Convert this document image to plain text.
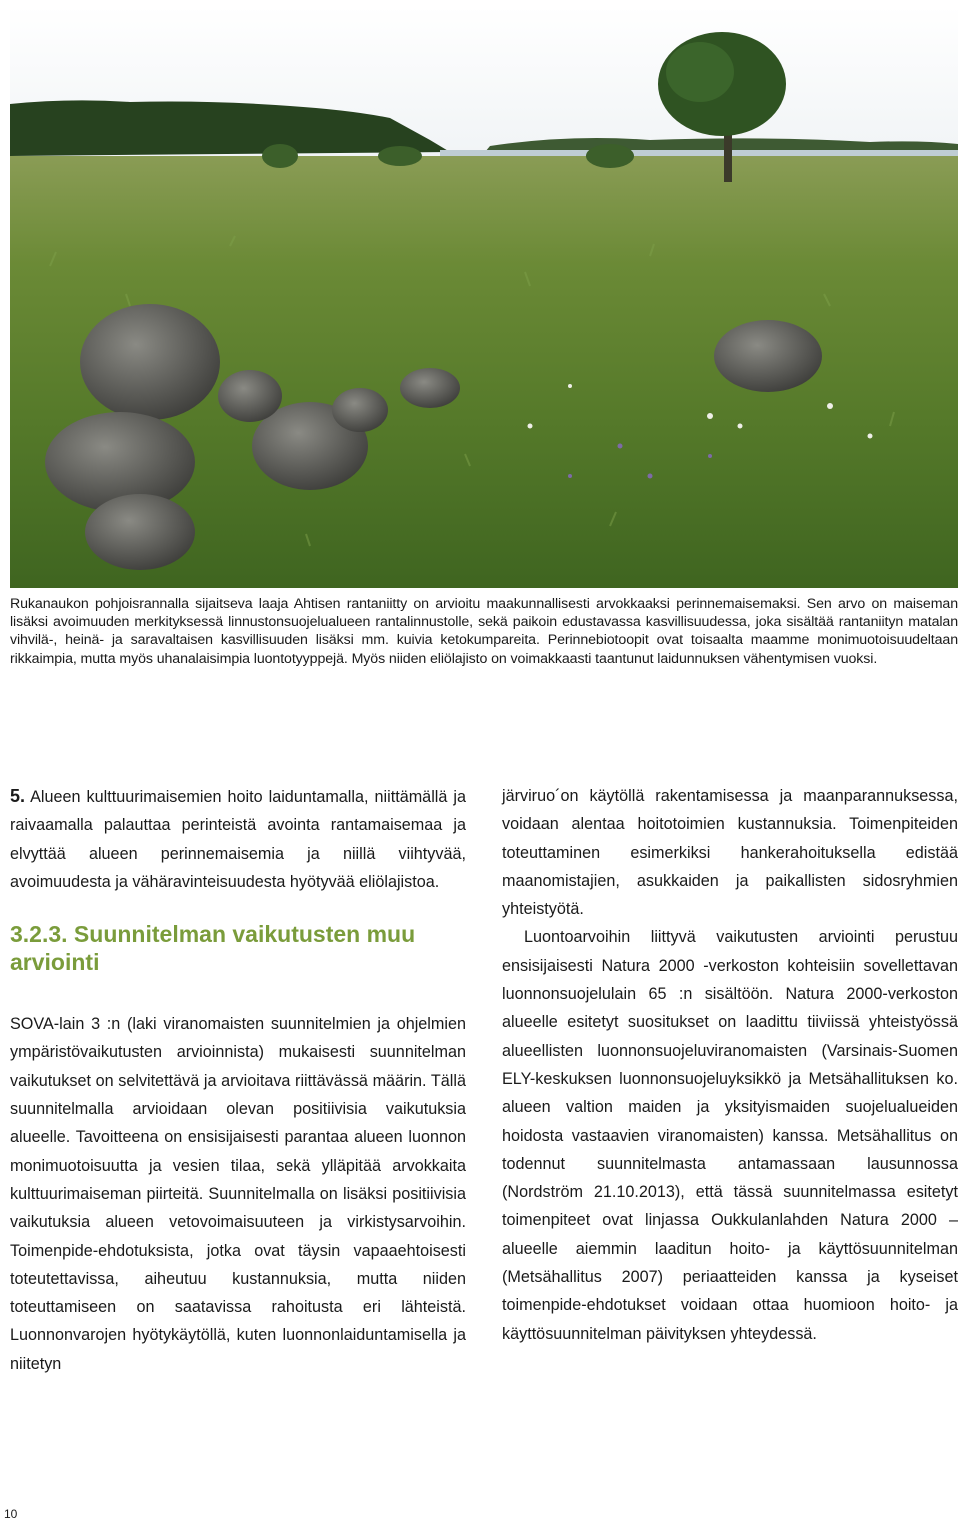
Rukanaukon pohjoisrannalla sijaitseva laaja Ahtisen rantaniitty on arvioitu maakunnallisesti arvokkaaksi perinnemaisemaksi. Sen arvo on maiseman lisäksi avoimuuden merkityksessä linnustonsuojelualueen rantalinnustolle, sekä paikoin edustavassa kasvillisuudessa, joka sisältää rantaniityn matalan vihvilä-, heinä- ja saravaltaisen kasvillisuuden lisäksi mm. kuivia ketokumpareita. Perinnebiotoopit ovat toisaalta maamme monimuotoisuudeltaan rikkaimpia, mutta myös uhanalaisimpia luontotyyppejä. Myös niiden eliölajisto on voimakkaasti taantunut laidunnuksen vähentymisen vuoksi.

5. Alueen kulttuurimaisemien hoito laiduntamalla, niittämällä ja raivaamalla palauttaa perinteistä avointa rantamaisemaa ja elvyttää alueen perinnemaisemia ja niillä viihtyvää, avoimuudesta ja vähäravinteisuudesta hyötyvää eliölajistoa.

3.2.3. Suunnitelman vaikutusten muu arviointi

SOVA-lain 3 :n (laki viranomaisten suunnitelmien ja ohjelmien ympäristövaikutusten arvioinnista) mukaisesti suunnitelman vaikutukset on selvitettävä ja arvioitava riittävässä määrin. Tällä suunnitelmalla arvioidaan olevan positiivisia vaikutuksia alueelle. Tavoitteena on ensisijaisesti parantaa alueen luonnon monimuotoisuutta ja vesien tilaa, sekä ylläpitää arvokkaita kulttuurimaiseman piirteitä. Suunnitelmalla on lisäksi positiivisia vaikutuksia alueen vetovoimaisuuteen ja virkistysarvoihin. Toimenpide-ehdotuksista, jotka ovat täysin vapaaehtoisesti toteutettavissa, aiheutuu kustannuksia, mutta niiden toteuttamiseen on saatavissa rahoitusta eri lähteistä. Luonnonvarojen hyötykäytöllä, kuten luonnonlaiduntamisella ja niitetyn

järviruo´on käytöllä rakentamisessa ja maanparannuksessa, voidaan alentaa hoitotoimien kustannuksia. Toimenpiteiden toteuttaminen esimerkiksi hankerahoituksella edistää maanomistajien, asukkaiden ja paikallisten sidosryhmien yhteistyötä.

Luontoarvoihin liittyvä vaikutusten arviointi perustuu ensisijaisesti Natura 2000 -verkoston kohteisiin sovellettavan luonnonsuojelulain 65 :n sisältöön. Natura 2000-verkoston alueelle esitetyt suositukset on laadittu tiiviissä yhteistyössä alueellisten luonnonsuojeluviranomaisten (Varsinais-Suomen ELY-keskuksen luonnonsuojeluyksikkö ja Metsähallituksen ko. alueen valtion maiden ja yksityismaiden suojelualueiden hoidosta vastaavien viranomaisten) kanssa. Metsähallitus on todennut suunnitelmasta antamassaan lausunnossa (Nordström 21.10.2013), että tässä suunnitelmassa esitetyt toimenpiteet ovat linjassa Oukkulanlahden Natura 2000 –alueelle aiemmin laaditun hoito- ja käyttösuunnitelman (Metsähallitus 2007) periaatteiden kanssa ja kyseiset toimenpide-ehdotukset voidaan ottaa huomioon hoito- ja käyttösuunnitelman päivityksen yhteydessä.

10
